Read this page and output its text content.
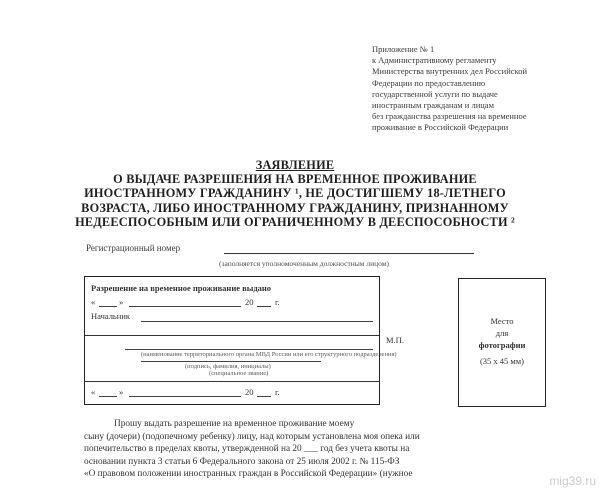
Приложение № 1
к Административному регламенту
Министерства внутренних дел Российской
Федерации по предоставлению
государственной услуги по выдаче
иностранным гражданам и лицам
без гражданства разрешения на временное
проживание в Российской Федерации
ЗАЯВЛЕНИЕ
О ВЫДАЧЕ РАЗРЕШЕНИЯ НА ВРЕМЕННОЕ ПРОЖИВАНИЕ
ИНОСТРАННОМУ ГРАЖДАНИНУ ¹, НЕ ДОСТИГШЕМУ 18-ЛЕТНЕГО
ВОЗРАСТА, ЛИБО ИНОСТРАННОМУ ГРАЖДАНИНУ, ПРИЗНАННОМУ
НЕДЕЕСПОСОБНЫМ ИЛИ ОГРАНИЧЕННОМУ В ДЕЕСПОСОБНОСТИ ²
Регистрационный номер
(заполняется уполномоченным должностным лицом)
Разрешение на временное проживание выдано
«	»	20	г.
Начальник
(наименование территориального органа МВД России или его структурного подразделения)
(подпись, фамилия, инициалы)
(специальное звание)
«	»	20	г.
М.П.
Место
для
фотографии
(35 x 45 мм)
Прошу выдать разрешение на временное проживание моему
сыну (дочери) (подопечному ребенку) лицу, над которым установлена моя опека или
попечительство в пределах квоты, утвержденной на 20 ___ год без учета квоты на
основании пункта 3 статьи 6 Федерального закона от 25 июля 2002 г. № 115-ФЗ
«О правовом положении иностранных граждан в Российской Федерации» (нужное	mig39.ru
